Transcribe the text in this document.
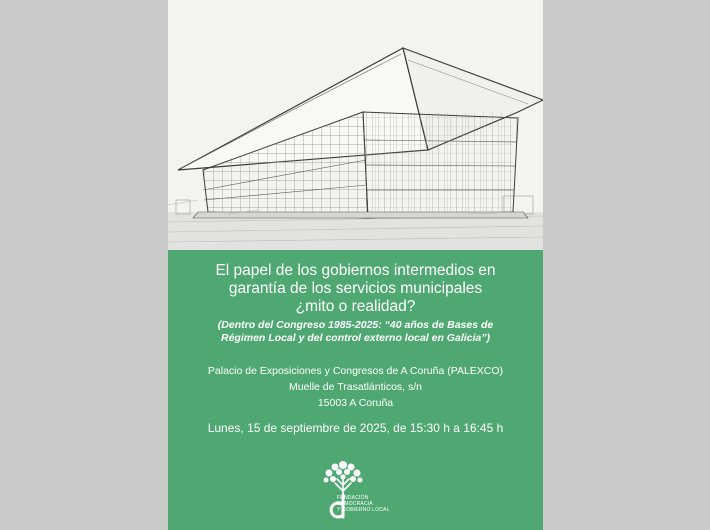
El papel de los gobiernos intermedios en
garantía de los servicios municipales
¿mito o realidad?

(Dentro del Congreso 1985-2025: “40 años de Bases de
Régimen Local y del control externo local en Galicia”)

Palacio de Exposiciones y Congresos de A Coruña (PALEXCO)
Muelle de Trasatlánticos, s/n
15003 A Coruña

Lunes, 15 de septiembre de 2025, de 15:30 h a 16:45 h

FUNDACIÓN
DEMOCRACIA
Y GOBIERNO LOCAL
